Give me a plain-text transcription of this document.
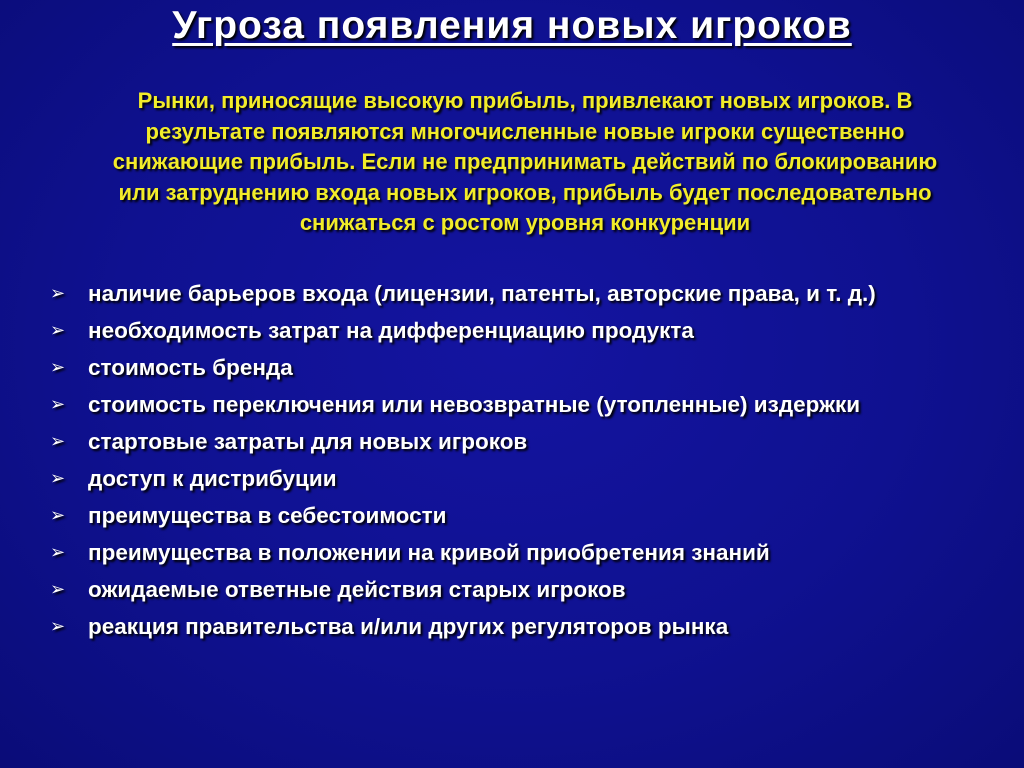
Угроза появления новых игроков

Рынки, приносящие высокую прибыль, привлекают новых игроков. В результате появляются многочисленные новые игроки существенно снижающие прибыль. Если не предпринимать действий по блокированию или затруднению входа новых игроков, прибыль будет последовательно снижаться с ростом уровня конкуренции

➢ наличие барьеров входа (лицензии, патенты, авторские права, и т. д.)
➢ необходимость затрат на дифференциацию продукта
➢ стоимость бренда
➢ стоимость переключения или невозвратные (утопленные) издержки
➢ стартовые затраты для новых игроков
➢ доступ к дистрибуции
➢ преимущества в себестоимости
➢ преимущества в положении на кривой приобретения знаний
➢ ожидаемые ответные действия старых игроков
➢ реакция правительства и/или других регуляторов рынка
